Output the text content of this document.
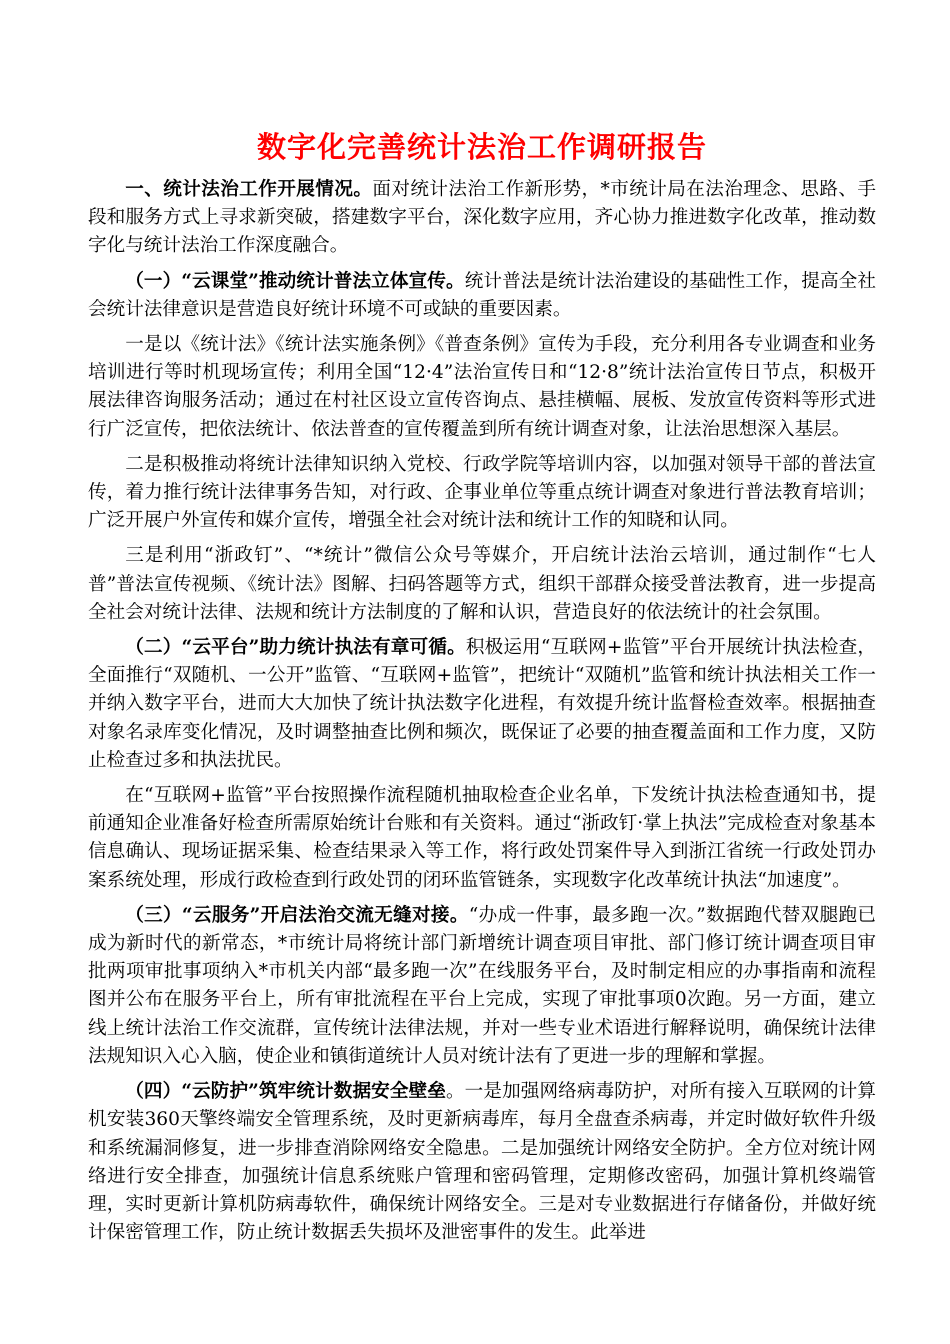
数字化完善统计法治工作调研报告

一、统计法治工作开展情况。面对统计法治工作新形势，*市统计局在法治理念、思路、手段和服务方式上寻求新突破，搭建数字平台，深化数字应用，齐心协力推进数字化改革，推动数字化与统计法治工作深度融合。

（一）“云课堂”推动统计普法立体宣传。统计普法是统计法治建设的基础性工作，提高全社会统计法律意识是营造良好统计环境不可或缺的重要因素。

一是以《统计法》《统计法实施条例》《普查条例》宣传为手段，充分利用各专业调查和业务培训进行等时机现场宣传；利用全国“12·4”法治宣传日和“12·8”统计法治宣传日节点，积极开展法律咨询服务活动；通过在村社区设立宣传咨询点、悬挂横幅、展板、发放宣传资料等形式进行广泛宣传，把依法统计、依法普查的宣传覆盖到所有统计调查对象，让法治思想深入基层。

二是积极推动将统计法律知识纳入党校、行政学院等培训内容，以加强对领导干部的普法宣传，着力推行统计法律事务告知，对行政、企事业单位等重点统计调查对象进行普法教育培训；广泛开展户外宣传和媒介宣传，增强全社会对统计法和统计工作的知晓和认同。

三是利用“浙政钉”、“*统计”微信公众号等媒介，开启统计法治云培训，通过制作“七人普”普法宣传视频、《统计法》图解、扫码答题等方式，组织干部群众接受普法教育，进一步提高全社会对统计法律、法规和统计方法制度的了解和认识，营造良好的依法统计的社会氛围。

（二）“云平台”助力统计执法有章可循。积极运用“互联网+监管”平台开展统计执法检查，全面推行“双随机、一公开”监管、“互联网+监管”，把统计“双随机”监管和统计执法相关工作一并纳入数字平台，进而大大加快了统计执法数字化进程，有效提升统计监督检查效率。根据抽查对象名录库变化情况，及时调整抽查比例和频次，既保证了必要的抽查覆盖面和工作力度，又防止检查过多和执法扰民。

在“互联网+监管”平台按照操作流程随机抽取检查企业名单，下发统计执法检查通知书，提前通知企业准备好检查所需原始统计台账和有关资料。通过“浙政钉·掌上执法”完成检查对象基本信息确认、现场证据采集、检查结果录入等工作，将行政处罚案件导入到浙江省统一行政处罚办案系统处理，形成行政检查到行政处罚的闭环监管链条，实现数字化改革统计执法“加速度”。

（三）“云服务”开启法治交流无缝对接。“办成一件事，最多跑一次。”数据跑代替双腿跑已成为新时代的新常态，*市统计局将统计部门新增统计调查项目审批、部门修订统计调查项目审批两项审批事项纳入*市机关内部“最多跑一次”在线服务平台，及时制定相应的办事指南和流程图并公布在服务平台上，所有审批流程在平台上完成，实现了审批事项0次跑。另一方面，建立线上统计法治工作交流群，宣传统计法律法规，并对一些专业术语进行解释说明，确保统计法律法规知识入心入脑，使企业和镇街道统计人员对统计法有了更进一步的理解和掌握。

（四）“云防护”筑牢统计数据安全壁垒。一是加强网络病毒防护，对所有接入互联网的计算机安装360天擎终端安全管理系统，及时更新病毒库，每月全盘查杀病毒，并定时做好软件升级和系统漏洞修复，进一步排查消除网络安全隐患。二是加强统计网络安全防护。全方位对统计网络进行安全排查，加强统计信息系统账户管理和密码管理，定期修改密码，加强计算机终端管理，实时更新计算机防病毒软件，确保统计网络安全。三是对专业数据进行存储备份，并做好统计保密管理工作，防止统计数据丢失损坏及泄密事件的发生。此举进
